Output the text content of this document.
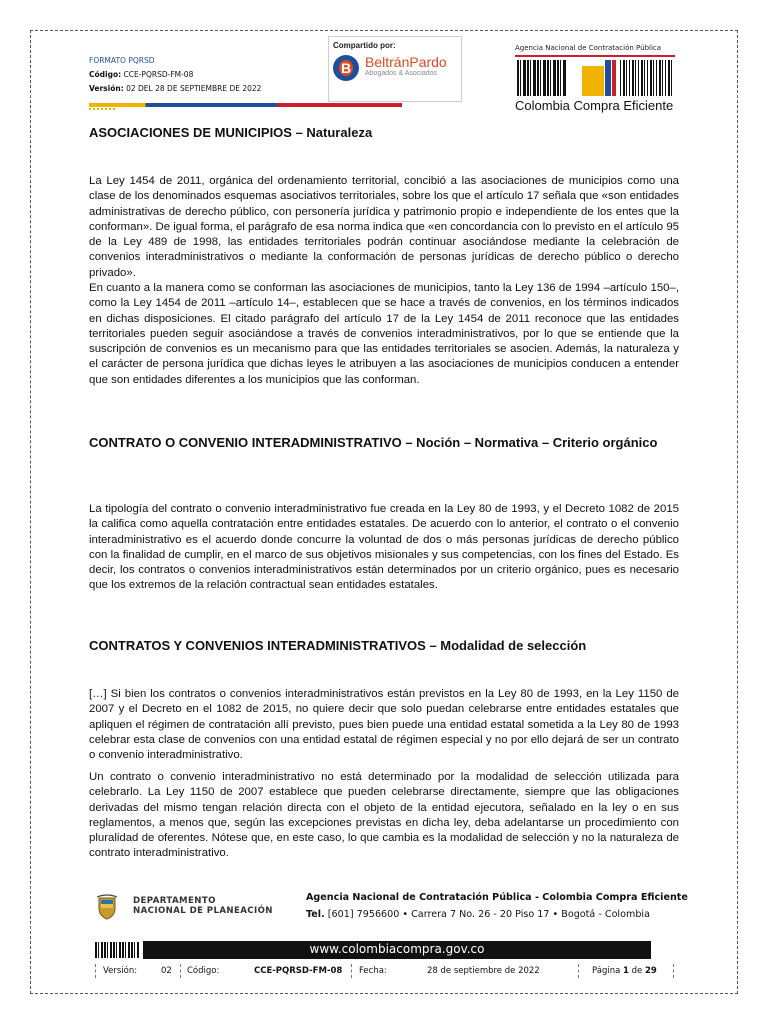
FORMATO PQRSD
Código: CCE-PQRSD-FM-08
Versión: 02 DEL 28 DE SEPTIEMBRE DE 2022
Compartido por:
B
BeltránPardo
Abogados & Asociados
Agencia Nacional de Contratación Pública
Colombia Compra Eficiente
ASOCIACIONES DE MUNICIPIOS – Naturaleza

La Ley 1454 de 2011, orgánica del ordenamiento territorial, concibió a las asociaciones de municipios como una clase de los denominados esquemas asociativos territoriales, sobre los que el artículo 17 señala que «son entidades administrativas de derecho público, con personería jurídica y patrimonio propio e independiente de los entes que la conforman». De igual forma, el parágrafo de esa norma indica que «en concordancia con lo previsto en el artículo 95 de la Ley 489 de 1998, las entidades territoriales podrán continuar asociándose mediante la celebración de convenios interadministrativos o mediante la conformación de personas jurídicas de derecho público o derecho privado».

En cuanto a la manera como se conforman las asociaciones de municipios, tanto la Ley 136 de 1994 –artículo 150–, como la Ley 1454 de 2011 –artículo 14–, establecen que se hace a través de convenios, en los términos indicados en dichas disposiciones. El citado parágrafo del artículo 17 de la Ley 1454 de 2011 reconoce que las entidades territoriales pueden seguir asociándose a través de convenios interadministrativos, por lo que se entiende que la suscripción de convenios es un mecanismo para que las entidades territoriales se asocien. Además, la naturaleza y el carácter de persona jurídica que dichas leyes le atribuyen a las asociaciones de municipios conducen a entender que son entidades diferentes a los municipios que las conforman.

CONTRATO O CONVENIO INTERADMINISTRATIVO – Noción – Normativa – Criterio orgánico

La tipología del contrato o convenio interadministrativo fue creada en la Ley 80 de 1993, y el Decreto 1082 de 2015 la califica como aquella contratación entre entidades estatales. De acuerdo con lo anterior, el contrato o el convenio interadministrativo es el acuerdo donde concurre la voluntad de dos o más personas jurídicas de derecho público con la finalidad de cumplir, en el marco de sus objetivos misionales y sus competencias, con los fines del Estado. Es decir, los contratos o convenios interadministrativos están determinados por un criterio orgánico, pues es necesario que los extremos de la relación contractual sean entidades estatales.

CONTRATOS Y CONVENIOS INTERADMINISTRATIVOS – Modalidad de selección

[…] Si bien los contratos o convenios interadministrativos están previstos en la Ley 80 de 1993, en la Ley 1150 de 2007 y el Decreto en el 1082 de 2015, no quiere decir que solo puedan celebrarse entre entidades estatales que apliquen el régimen de contratación allí previsto, pues bien puede una entidad estatal sometida a la Ley 80 de 1993 celebrar esta clase de convenios con una entidad estatal de régimen especial y no por ello dejará de ser un contrato o convenio interadministrativo.

Un contrato o convenio interadministrativo no está determinado por la modalidad de selección utilizada para celebrarlo. La Ley 1150 de 2007 establece que pueden celebrarse directamente, siempre que las obligaciones derivadas del mismo tengan relación directa con el objeto de la entidad ejecutora, señalado en la ley o en sus reglamentos, a menos que, según las excepciones previstas en dicha ley, deba adelantarse un procedimiento con pluralidad de oferentes. Nótese que, en este caso, lo que cambia es la modalidad de selección y no la naturaleza de contrato interadministrativo.

DEPARTAMENTO
NACIONAL DE PLANEACIÓN
Agencia Nacional de Contratación Pública - Colombia Compra Eficiente
Tel. [601] 7956600 • Carrera 7 No. 26 - 20 Piso 17 • Bogotá - Colombia
www.colombiacompra.gov.co
Versión:	02 Código:	CCE-PQRSD-FM-08 Fecha:	28 de septiembre de 2022	Página 1 de 29
